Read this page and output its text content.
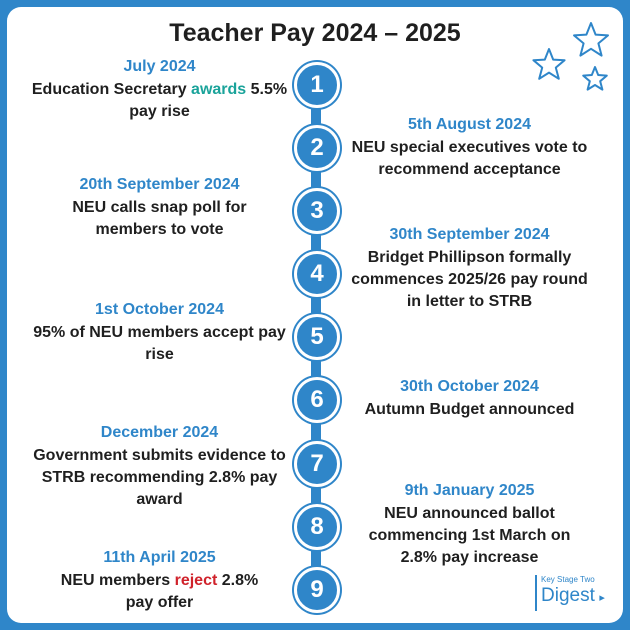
Teacher Pay 2024 – 2025
1
2
3
4
5
6
7
8
9
July 2024
Education Secretary awards 5.5% pay rise
5th August 2024
NEU special executives vote to recommend acceptance
20th September 2024
NEU calls snap poll for members to vote	30th September 2024
Bridget Phillipson formally commences 2025/26 pay round in letter to STRB
1st October 2024
95% of NEU members accept pay rise
30th October 2024
Autumn Budget announced
December 2024
Government submits evidence to STRB recommending 2.8% pay award
9th January 2025
NEU announced ballot commencing 1st March on 2.8% pay increase
11th April 2025
NEU members reject 2.8% pay offer
Key Stage Two
Digest ▸
